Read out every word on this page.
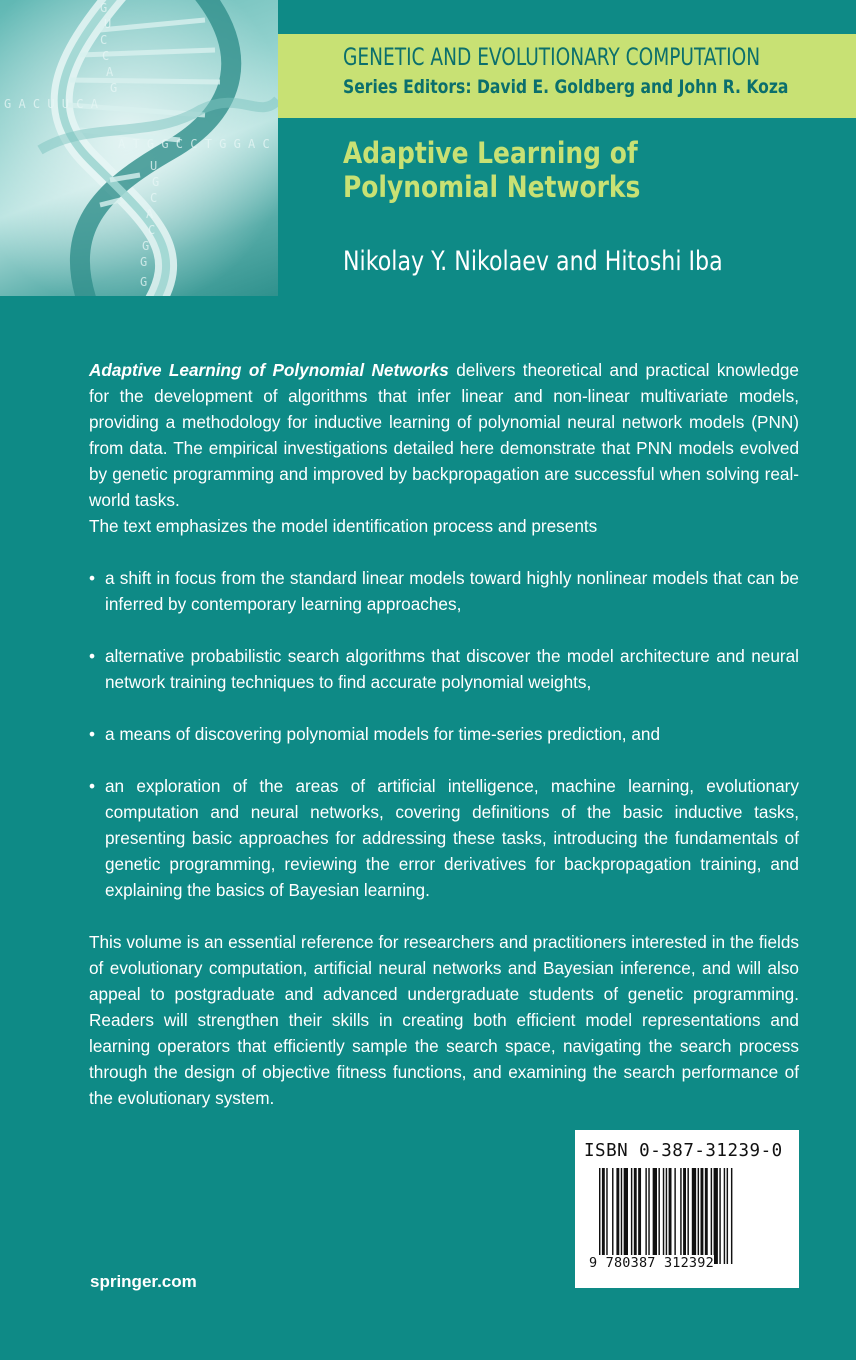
G A C U U C A
A T G G C C T G G A C
G
U
C
C
A
G
U
G
C
A
C
G
G
G
GENETIC AND EVOLUTIONARY COMPUTATION
Series Editors: David E. Goldberg and John R. Koza
Adaptive Learning of Polynomial Networks
Nikolay Y. Nikolaev and Hitoshi Iba

Adaptive Learning of Polynomial Networks delivers theoretical and practical knowledge for the development of algorithms that infer linear and non-linear multivariate models, providing a methodology for inductive learning of polynomial neural network models (PNN) from data. The empirical investigations detailed here demonstrate that PNN models evolved by genetic programming and improved by backpropagation are successful when solving real-world tasks.

The text emphasizes the model identification process and presents

• a shift in focus from the standard linear models toward highly nonlinear models that can be inferred by contemporary learning approaches,
• alternative probabilistic search algorithms that discover the model architecture and neural network training techniques to find accurate polynomial weights,
• a means of discovering polynomial models for time-series prediction, and
• an exploration of the areas of artificial intelligence, machine learning, evolutionary computation and neural networks, covering definitions of the basic inductive tasks, presenting basic approaches for addressing these tasks, introducing the fundamentals of genetic programming, reviewing the error derivatives for backpropagation training, and explaining the basics of Bayesian learning.

This volume is an essential reference for researchers and practitioners interested in the fields of evolutionary computation, artificial neural networks and Bayesian inference, and will also appeal to postgraduate and advanced undergraduate students of genetic programming. Readers will strengthen their skills in creating both efficient model representations and learning operators that efficiently sample the search space, navigating the search process through the design of objective fitness functions, and examining the search performance of the evolutionary system.

springer.com
ISBN 0-387-31239-0
9 780387 312392
